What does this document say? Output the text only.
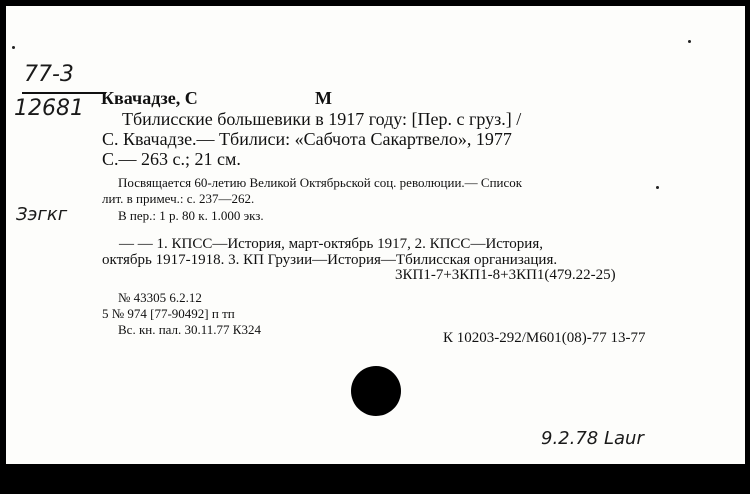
77-3
12681
Зэгкг
Квачадзе, С	М
Тбилисские большевики в 1917 году: [Пер. с груз.] /
С. Квачадзе.— Тбилиси: «Сабчота Сакартвело», 1977
С.— 263 с.; 21 см.
Посвящается 60-летию Великой Октябрьской соц. революции.— Список
лит. в примеч.: с. 237—262.
В пер.: 1 р. 80 к. 1.000 экз.
— — 1. КПСС—История, март-октябрь 1917, 2. КПСС—История,
октябрь 1917-1918. 3. КП Грузии—История—Тбилисская организация.
3КП1-7+3КП1-8+3КП1(479.22-25)
№ 43305 6.2.12
5 № 974 [77-90492] п тп
Вс. кн. пал. 30.11.77 К324
К 10203-292/М601(08)-77 13-77
9.2.78 Laur
